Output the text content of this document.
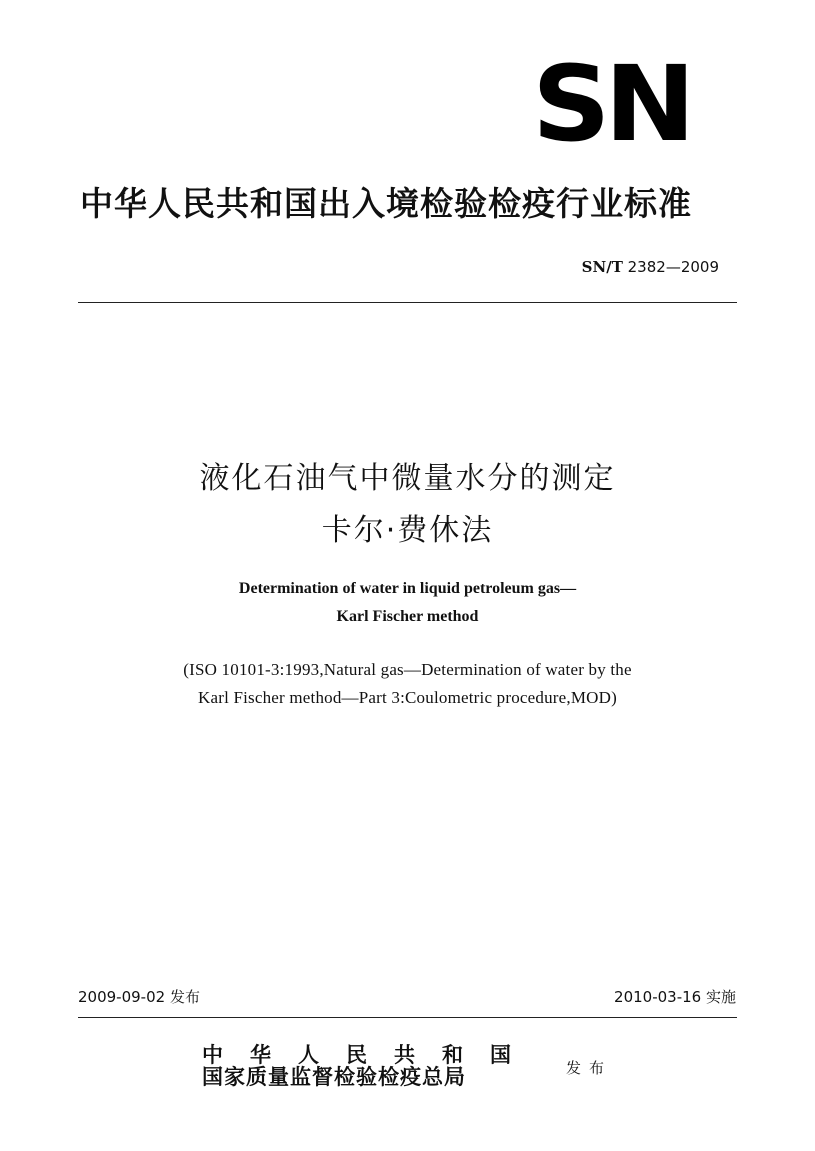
SN
中华人民共和国出入境检验检疫行业标准
SN/T 2382—2009
液化石油气中微量水分的测定
卡尔·费休法
Determination of water in liquid petroleum gas—
Karl Fischer method
(ISO 10101-3:1993,Natural gas—Determination of water by the
Karl Fischer method—Part 3:Coulometric procedure,MOD)
2009-09-02 发布	2010-03-16 实施
中华人民共和国
国家质量监督检验检疫总局	发布
